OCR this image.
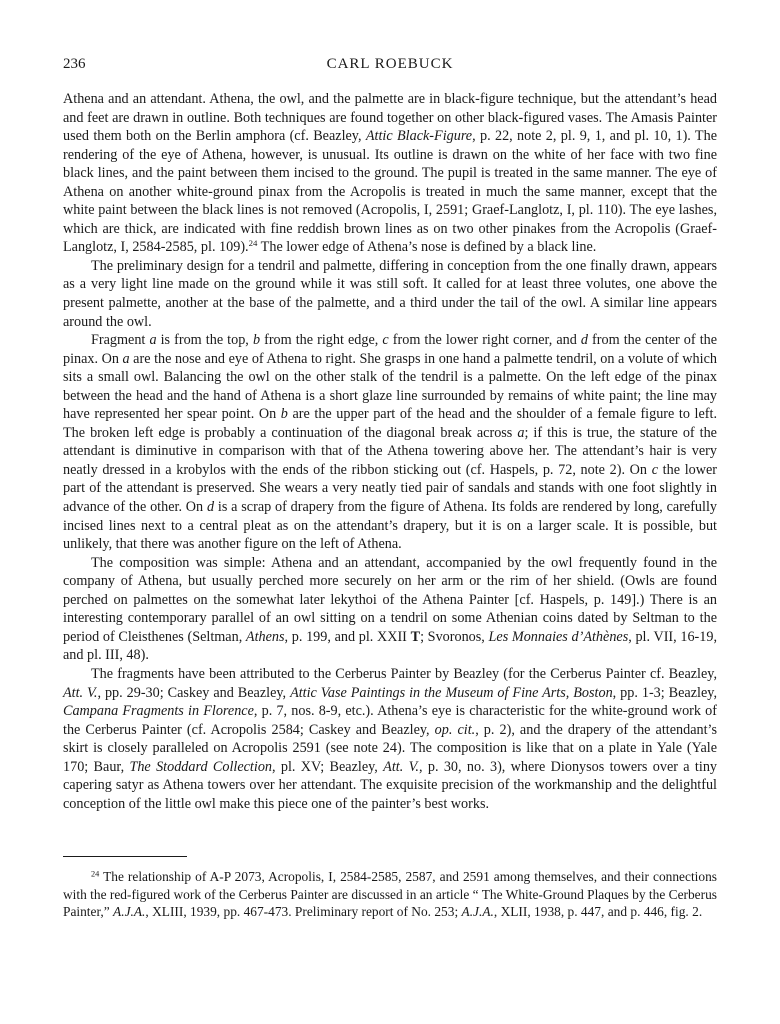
236	CARL ROEBUCK

Athena and an attendant. Athena, the owl, and the palmette are in black-figure technique, but the attendant’s head and feet are drawn in outline. Both techniques are found together on other black-figured vases. The Amasis Painter used them both on the Berlin amphora (cf. Beazley, Attic Black-Figure, p. 22, note 2, pl. 9, 1, and pl. 10, 1). The rendering of the eye of Athena, however, is unusual. Its outline is drawn on the white of her face with two fine black lines, and the paint between them incised to the ground. The pupil is treated in the same manner. The eye of Athena on another white-ground pinax from the Acropolis is treated in much the same manner, except that the white paint between the black lines is not removed (Acropolis, I, 2591; Graef-Langlotz, I, pl. 110). The eye lashes, which are thick, are indicated with fine reddish brown lines as on two other pinakes from the Acropolis (Graef-Langlotz, I, 2584-2585, pl. 109).$^{24}$ The lower edge of Athena’s nose is defined by a black line.

The preliminary design for a tendril and palmette, differing in conception from the one finally drawn, appears as a very light line made on the ground while it was still soft. It called for at least three volutes, one above the present palmette, another at the base of the palmette, and a third under the tail of the owl. A similar line appears around the owl.

Fragment a is from the top, b from the right edge, c from the lower right corner, and d from the center of the pinax. On a are the nose and eye of Athena to right. She grasps in one hand a palmette tendril, on a volute of which sits a small owl. Balancing the owl on the other stalk of the tendril is a palmette. On the left edge of the pinax between the head and the hand of Athena is a short glaze line surrounded by remains of white paint; the line may have represented her spear point. On b are the upper part of the head and the shoulder of a female figure to left. The broken left edge is probably a continuation of the diagonal break across a; if this is true, the stature of the attendant is diminutive in comparison with that of the Athena towering above her. The attendant’s hair is very neatly dressed in a krobylos with the ends of the ribbon sticking out (cf. Haspels, p. 72, note 2). On c the lower part of the attendant is preserved. She wears a very neatly tied pair of sandals and stands with one foot slightly in advance of the other. On d is a scrap of drapery from the figure of Athena. Its folds are rendered by long, carefully incised lines next to a central pleat as on the attendant’s drapery, but it is on a larger scale. It is possible, but unlikely, that there was another figure on the left of Athena.

The composition was simple: Athena and an attendant, accompanied by the owl frequently found in the company of Athena, but usually perched more securely on her arm or the rim of her shield. (Owls are found perched on palmettes on the somewhat later lekythoi of the Athena Painter [cf. Haspels, p. 149].) There is an interesting contemporary parallel of an owl sitting on a tendril on some Athenian coins dated by Seltman to the period of Cleisthenes (Seltman, Athens, p. 199, and pl. XXII T; Svoronos, Les Monnaies d’Athènes, pl. VII, 16-19, and pl. III, 48).

The fragments have been attributed to the Cerberus Painter by Beazley (for the Cerberus Painter cf. Beazley, Att. V., pp. 29-30; Caskey and Beazley, Attic Vase Paintings in the Museum of Fine Arts, Boston, pp. 1-3; Beazley, Campana Fragments in Florence, p. 7, nos. 8-9, etc.). Athena’s eye is characteristic for the white-ground work of the Cerberus Painter (cf. Acropolis 2584; Caskey and Beazley, op. cit., p. 2), and the drapery of the attendant’s skirt is closely paralleled on Acropolis 2591 (see note 24). The composition is like that on a plate in Yale (Yale 170; Baur, The Stoddard Collection, pl. XV; Beazley, Att. V., p. 30, no. 3), where Dionysos towers over a tiny capering satyr as Athena towers over her attendant. The exquisite precision of the workmanship and the delightful conception of the little owl make this piece one of the painter’s best works.

$^{24}$ The relationship of A-P 2073, Acropolis, I, 2584-2585, 2587, and 2591 among themselves, and their connections with the red-figured work of the Cerberus Painter are discussed in an article “ The White-Ground Plaques by the Cerberus Painter,” A.J.A., XLIII, 1939, pp. 467-473. Preliminary report of No. 253; A.J.A., XLII, 1938, p. 447, and p. 446, fig. 2.
